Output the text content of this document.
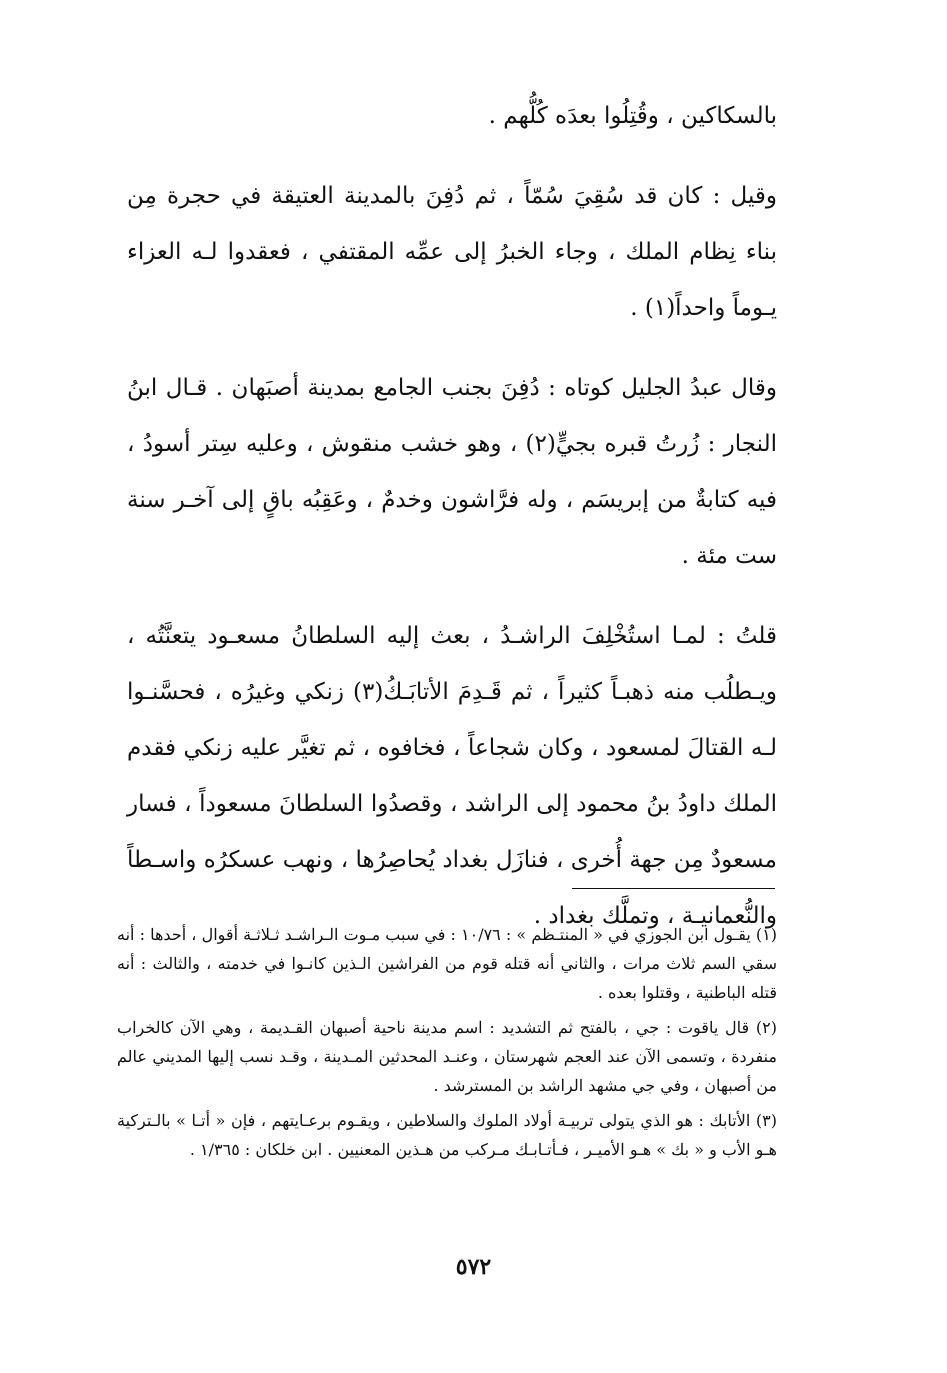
بالسكاكين ، وقُتِلُوا بعدَه كُلُّهم .

وقيل : كان قد سُقِيَ سُمّاً ، ثم دُفِنَ بالمدينة العتيقة في حجرة مِن بناء نِظام الملك ، وجاء الخبرُ إلى عمِّه المقتفي ، فعقدوا لـه العزاء يـوماً واحداً(١) .

وقال عبدُ الجليل كوتاه : دُفِنَ بجنب الجامع بمدينة أصبَهان . قـال ابنُ النجار : زُرتُ قبره بجيٍّ(٢) ، وهو خشب منقوش ، وعليه سِتر أسودُ ، فيه كتابةٌ من إبريسَم ، وله فرَّاشون وخدمٌ ، وعَقِبُه باقٍ إلى آخـر سنة ست مئة .

قلتُ : لمـا استُخْلِفَ الراشـدُ ، بعث إليه السلطانُ مسعـود يتعنَّتُه ، ويـطلُب منه ذهبـاً كثيراً ، ثم قَـدِمَ الأتابَـكُ(٣) زنكي وغيرُه ، فحسَّنـوا لـه القتالَ لمسعود ، وكان شجاعاً ، فخافوه ، ثم تغيَّر عليه زنكي فقدم الملك داودُ بنُ محمود إلى الراشد ، وقصدُوا السلطانَ مسعوداً ، فسار مسعودٌ مِن جهة أُخرى ، فنازَل بغداد يُحاصِرُها ، ونهب عسكرُه واسـطاً والنُّعمانيـة ، وتملَّك بغداد .

(١) يقـول ابن الجوزي في « المنتـظم » : ١٠/٧٦ : في سبب مـوت الـراشـد ثـلاثـة أقوال ، أحدها : أنه سقي السم ثلاث مرات ، والثاني أنه قتله قوم من الفراشين الـذين كانـوا في خدمته ، والثالث : أنه قتله الباطنية ، وقتلوا بعده .

(٢) قال ياقوت : جي ، بالفتح ثم التشديد : اسم مدينة ناحية أصبهان القـديمة ، وهي الآن كالخراب منفردة ، وتسمى الآن عند العجم شهرستان ، وعنـد المحدثين المـدينة ، وقـد نسب إليها المديني عالم من أصبهان ، وفي جي مشهد الراشد بن المسترشد .

(٣) الأتابك : هو الذي يتولى تربيـة أولاد الملوك والسلاطين ، ويقـوم برعـايتهم ، فإن « أتـا » بالـتركية هـو الأب و « بك » هـو الأميـر ، فـأتـابـك مـركب من هـذين المعنيين . ابن خلكان : ١/٣٦٥ .

٥٧٢
